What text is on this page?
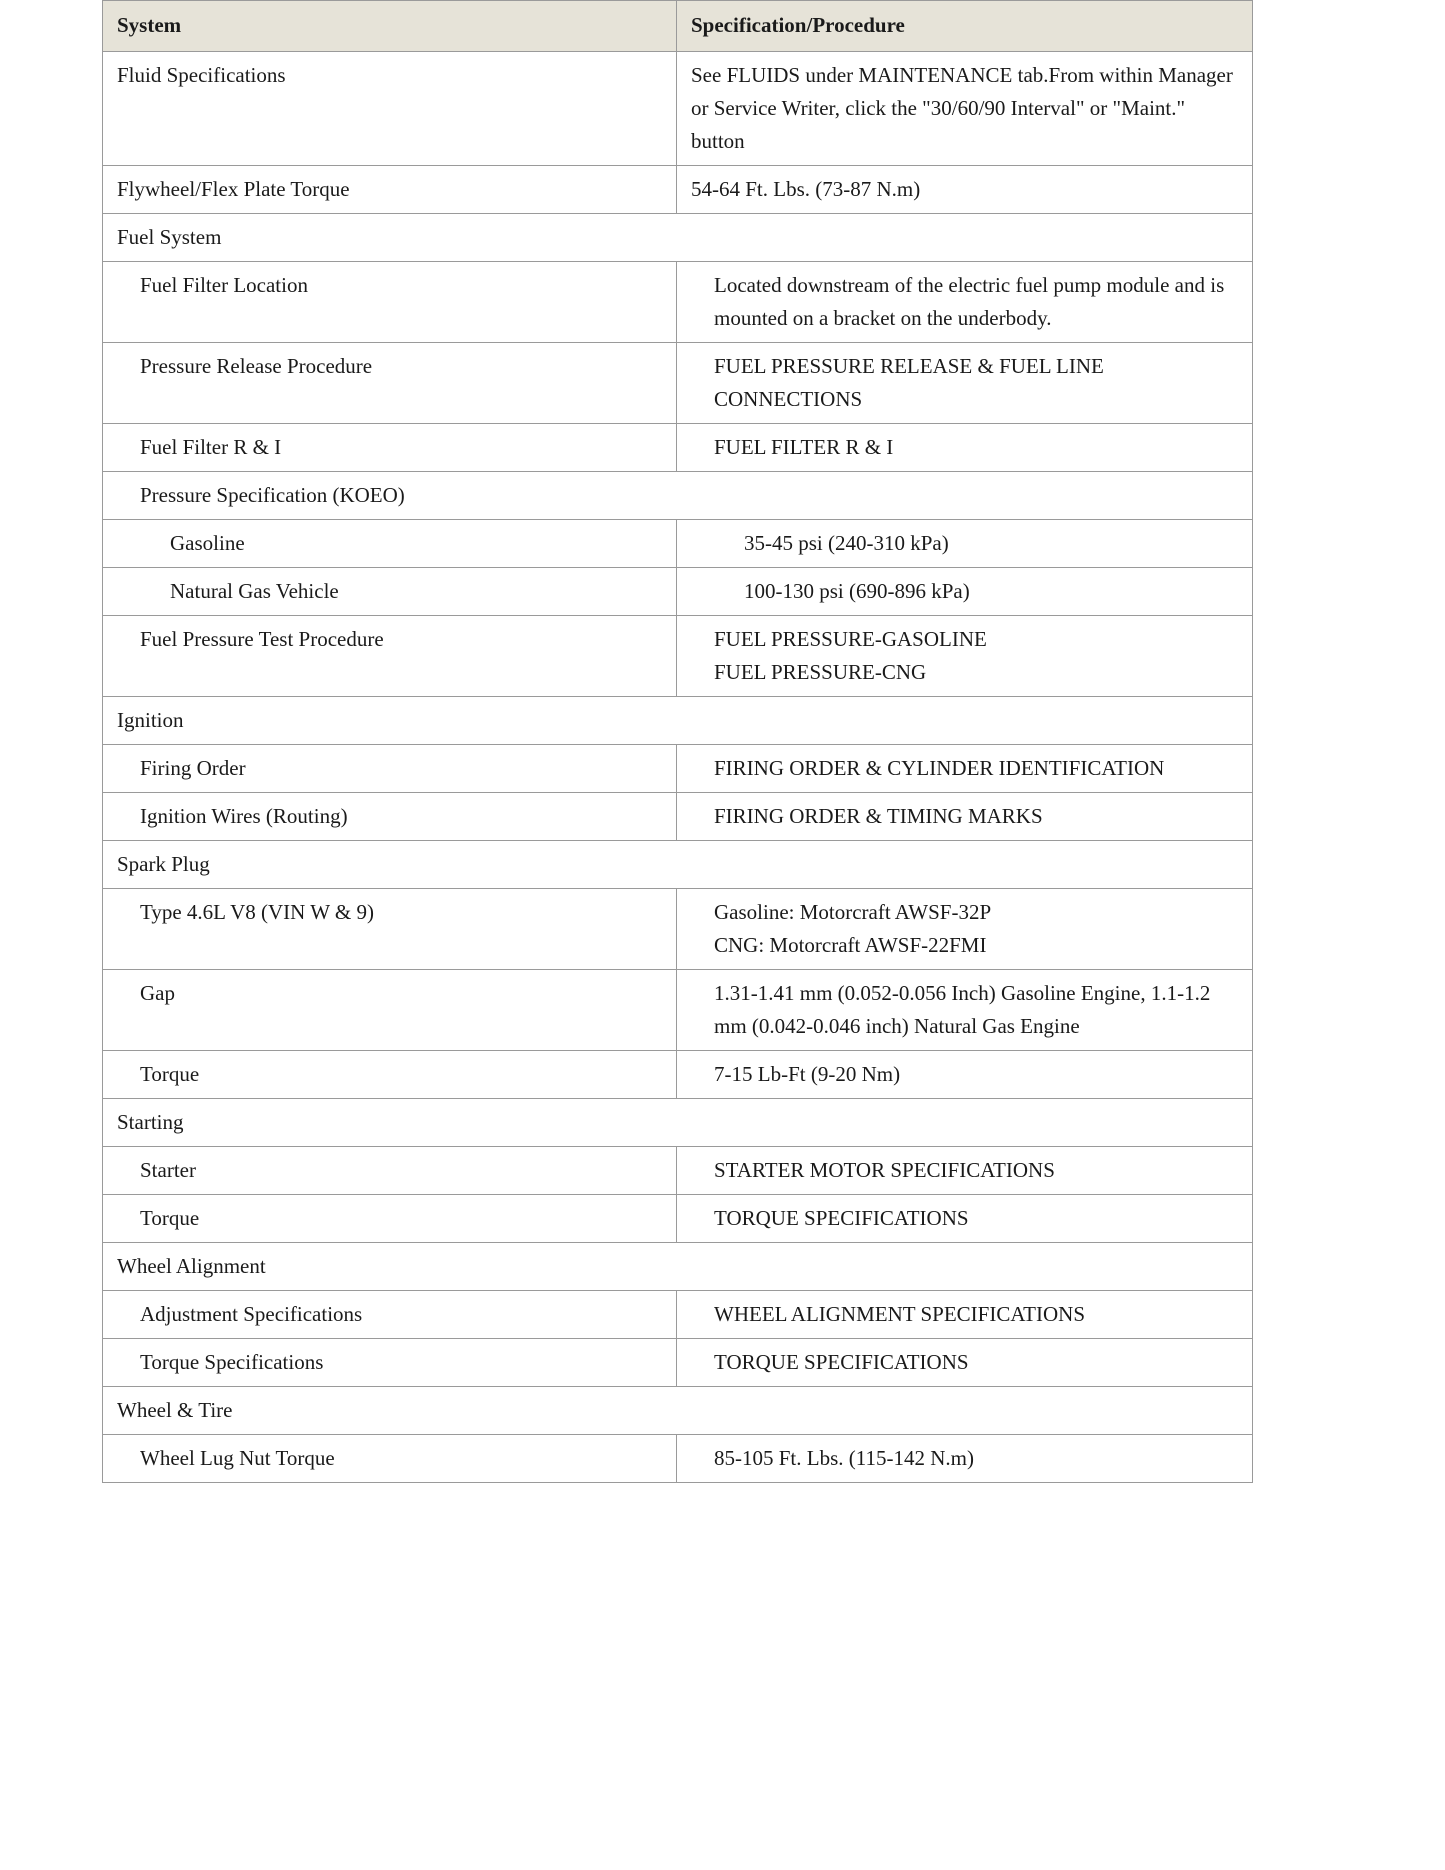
System	Specification/Procedure
Fluid Specifications	See FLUIDS under MAINTENANCE tab.From within Manager or Service Writer, click the "30/60/90 Interval" or "Maint." button

Flywheel/Flex Plate Torque	54-64 Ft. Lbs. (73-87 N.m)

Fuel System	
Fuel Filter Location	Located downstream of the electric fuel pump module and is mounted on a bracket on the underbody.

Pressure Release Procedure	FUEL PRESSURE RELEASE & FUEL LINE CONNECTIONS

Fuel Filter R & I	FUEL FILTER R & I

Pressure Specification (KOEO)	
Gasoline	35-45 psi (240-310 kPa)

Natural Gas Vehicle	100-130 psi (690-896 kPa)

Fuel Pressure Test Procedure	FUEL PRESSURE-GASOLINE
FUEL PRESSURE-CNG

Ignition	
Firing Order	FIRING ORDER & CYLINDER IDENTIFICATION

Ignition Wires (Routing)	FIRING ORDER & TIMING MARKS

Spark Plug	
Type 4.6L V8 (VIN W & 9)	Gasoline: Motorcraft AWSF-32P
CNG: Motorcraft AWSF-22FMI

Gap	1.31-1.41 mm (0.052-0.056 Inch) Gasoline Engine, 1.1-1.2 mm (0.042-0.046 inch) Natural Gas Engine

Torque	7-15 Lb-Ft (9-20 Nm)

Starting	
Starter	STARTER MOTOR SPECIFICATIONS

Torque	TORQUE SPECIFICATIONS

Wheel Alignment	
Adjustment Specifications	WHEEL ALIGNMENT SPECIFICATIONS

Torque Specifications	TORQUE SPECIFICATIONS

Wheel & Tire	
Wheel Lug Nut Torque	85-105 Ft. Lbs. (115-142 N.m)
